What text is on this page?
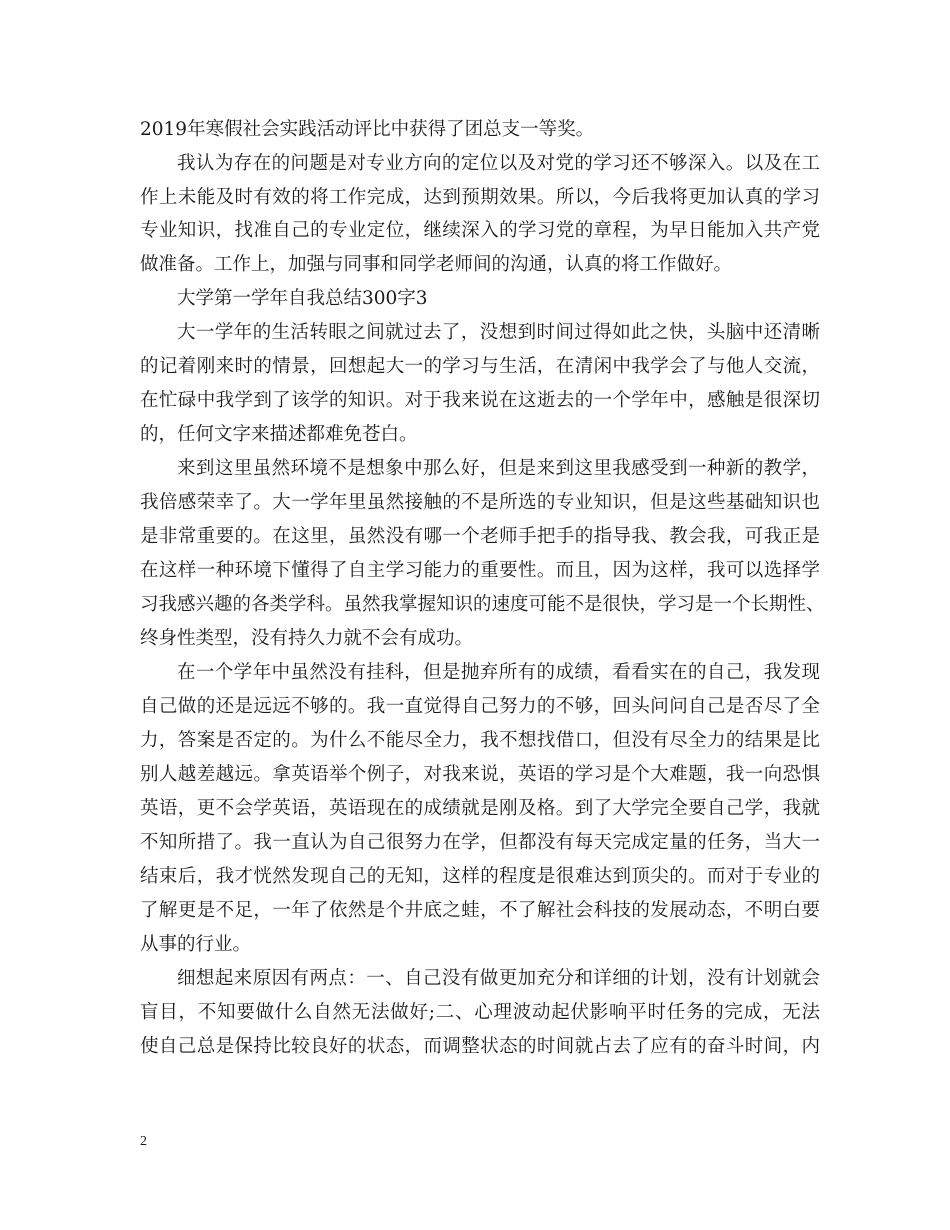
2019年寒假社会实践活动评比中获得了团总支一等奖。
我认为存在的问题是对专业方向的定位以及对党的学习还不够深入。以及在工
作上未能及时有效的将工作完成，达到预期效果。所以，今后我将更加认真的学习
专业知识，找准自己的专业定位，继续深入的学习党的章程，为早日能加入共产党
做准备。工作上，加强与同事和同学老师间的沟通，认真的将工作做好。
大学第一学年自我总结300字3
大一学年的生活转眼之间就过去了，没想到时间过得如此之快，头脑中还清晰
的记着刚来时的情景，回想起大一的学习与生活，在清闲中我学会了与他人交流，
在忙碌中我学到了该学的知识。对于我来说在这逝去的一个学年中，感触是很深切
的，任何文字来描述都难免苍白。
来到这里虽然环境不是想象中那么好，但是来到这里我感受到一种新的教学，
我倍感荣幸了。大一学年里虽然接触的不是所选的专业知识，但是这些基础知识也
是非常重要的。在这里，虽然没有哪一个老师手把手的指导我、教会我，可我正是
在这样一种环境下懂得了自主学习能力的重要性。而且，因为这样，我可以选择学
习我感兴趣的各类学科。虽然我掌握知识的速度可能不是很快，学习是一个长期性、
终身性类型，没有持久力就不会有成功。
在一个学年中虽然没有挂科，但是抛弃所有的成绩，看看实在的自己，我发现
自己做的还是远远不够的。我一直觉得自己努力的不够，回头问问自己是否尽了全
力，答案是否定的。为什么不能尽全力，我不想找借口，但没有尽全力的结果是比
别人越差越远。拿英语举个例子，对我来说，英语的学习是个大难题，我一向恐惧
英语，更不会学英语，英语现在的成绩就是刚及格。到了大学完全要自己学，我就
不知所措了。我一直认为自己很努力在学，但都没有每天完成定量的任务，当大一
结束后，我才恍然发现自己的无知，这样的程度是很难达到顶尖的。而对于专业的
了解更是不足，一年了依然是个井底之蛙，不了解社会科技的发展动态，不明白要
从事的行业。
细想起来原因有两点：一、自己没有做更加充分和详细的计划，没有计划就会
盲目，不知要做什么自然无法做好;二、心理波动起伏影响平时任务的完成，无法
使自己总是保持比较良好的状态，而调整状态的时间就占去了应有的奋斗时间，内
2
